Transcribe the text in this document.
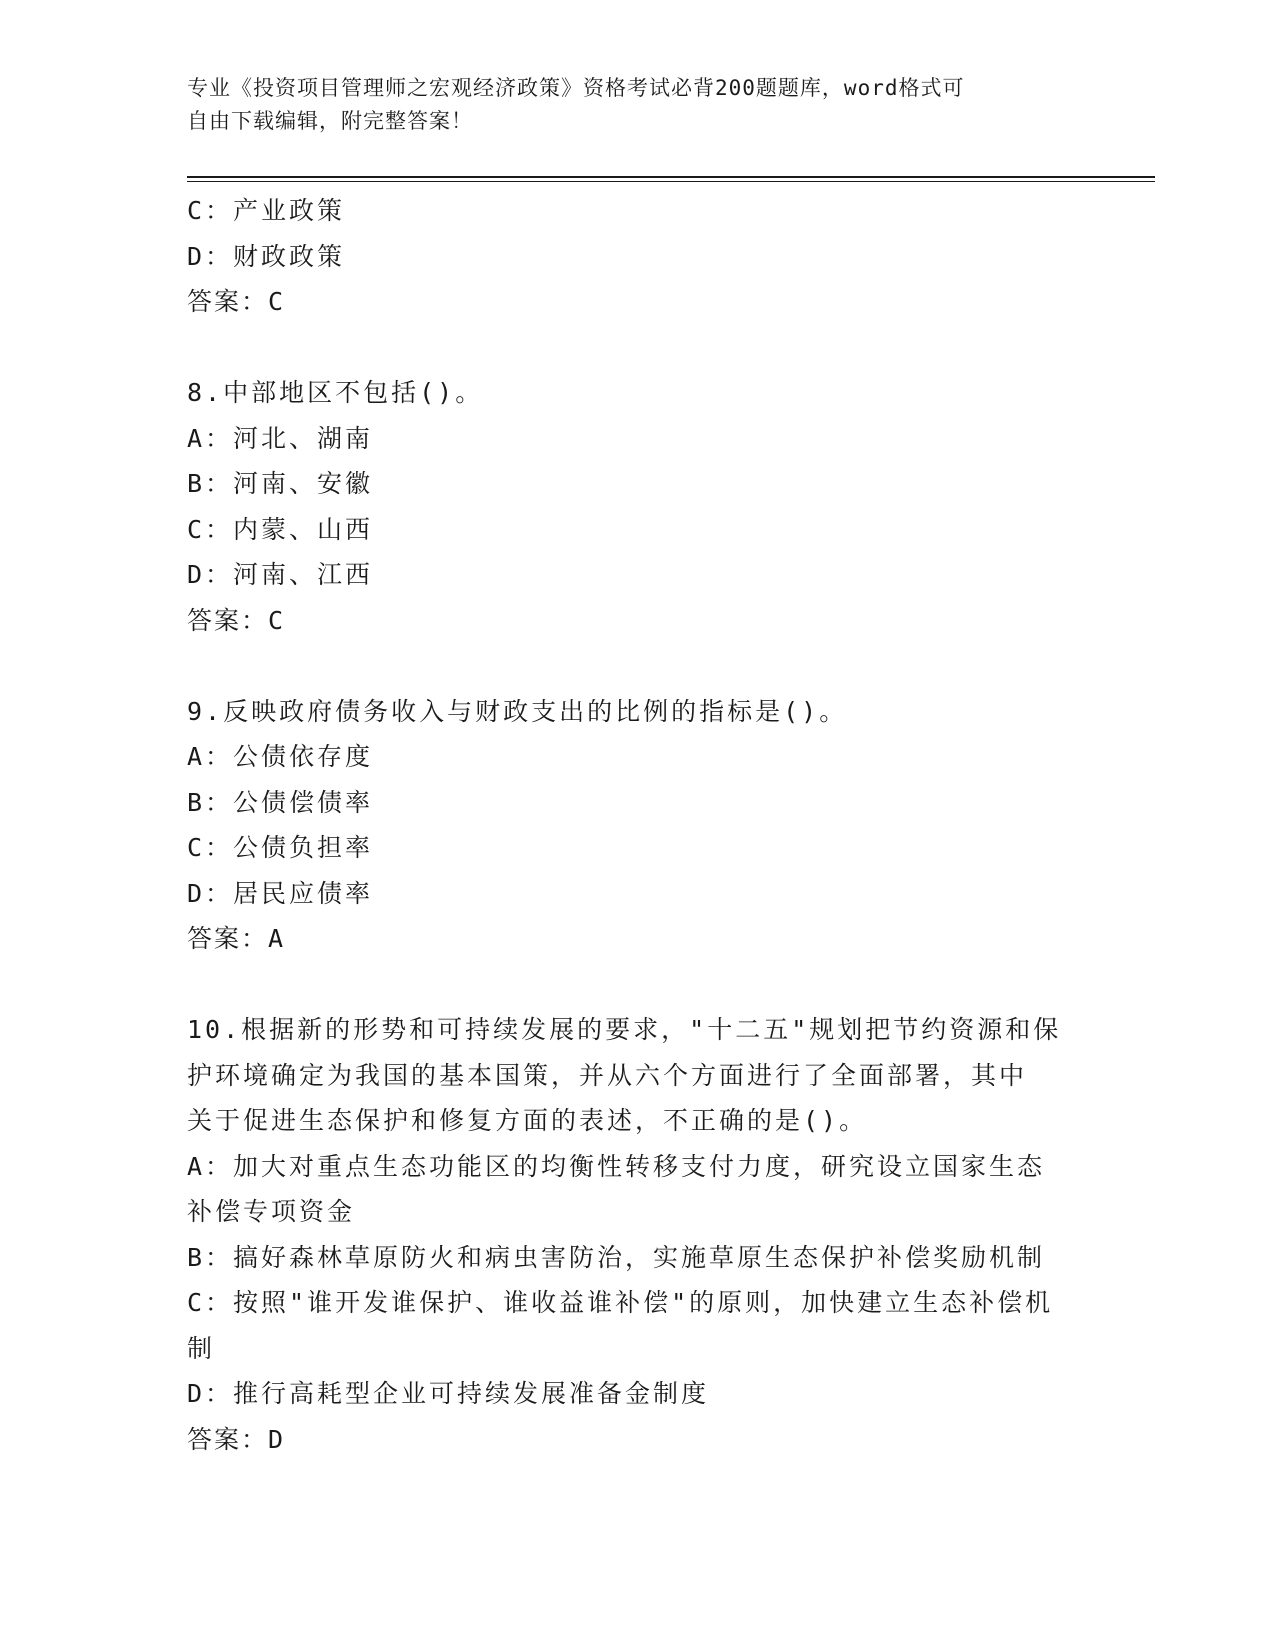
专业《投资项目管理师之宏观经济政策》资格考试必背200题题库，word格式可
自由下载编辑，附完整答案！
C：产业政策
D：财政政策
答案：C
8.中部地区不包括()。
A：河北、湖南
B：河南、安徽
C：内蒙、山西
D：河南、江西
答案：C
9.反映政府债务收入与财政支出的比例的指标是()。
A：公债依存度
B：公债偿债率
C：公债负担率
D：居民应债率
答案：A
10.根据新的形势和可持续发展的要求，"十二五"规划把节约资源和保
护环境确定为我国的基本国策，并从六个方面进行了全面部署，其中
关于促进生态保护和修复方面的表述，不正确的是()。
A：加大对重点生态功能区的均衡性转移支付力度，研究设立国家生态
补偿专项资金
B：搞好森林草原防火和病虫害防治，实施草原生态保护补偿奖励机制
C：按照"谁开发谁保护、谁收益谁补偿"的原则，加快建立生态补偿机
制
D：推行高耗型企业可持续发展准备金制度
答案：D
